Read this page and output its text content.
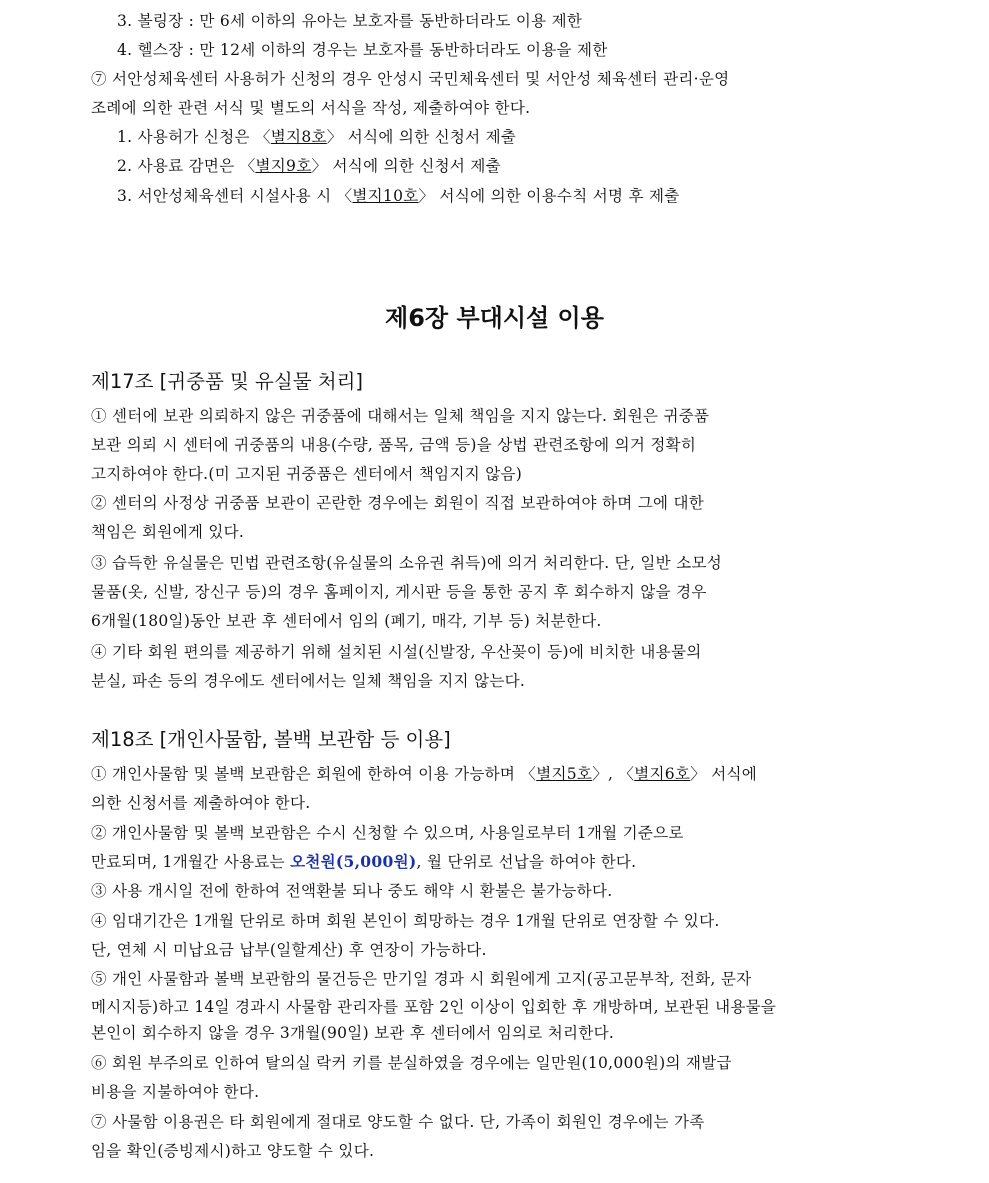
3. 볼링장 : 만 6세 이하의 유아는 보호자를 동반하더라도 이용 제한
4. 헬스장 : 만 12세 이하의 경우는 보호자를 동반하더라도 이용을 제한
⑦ 서안성체육센터 사용허가 신청의 경우 안성시 국민체육센터 및 서안성 체육센터 관리·운영
조례에 의한 관련 서식 및 별도의 서식을 작성, 제출하여야 한다.
1. 사용허가 신청은 〈별지8호〉 서식에 의한 신청서 제출
2. 사용료 감면은 〈별지9호〉 서식에 의한 신청서 제출
3. 서안성체육센터 시설사용 시 〈별지10호〉 서식에 의한 이용수칙 서명 후 제출
제6장 부대시설 이용
제17조 [귀중품 및 유실물 처리]
① 센터에 보관 의뢰하지 않은 귀중품에 대해서는 일체 책임을 지지 않는다. 회원은 귀중품
보관 의뢰 시 센터에 귀중품의 내용(수량, 품목, 금액 등)을 상법 관련조항에 의거 정확히
고지하여야 한다.(미 고지된 귀중품은 센터에서 책임지지 않음)
② 센터의 사정상 귀중품 보관이 곤란한 경우에는 회원이 직접 보관하여야 하며 그에 대한
책임은 회원에게 있다.
③ 습득한 유실물은 민법 관련조항(유실물의 소유권 취득)에 의거 처리한다. 단, 일반 소모성
물품(옷, 신발, 장신구 등)의 경우 홈페이지, 게시판 등을 통한 공지 후 회수하지 않을 경우
6개월(180일)동안 보관 후 센터에서 임의 (폐기, 매각, 기부 등) 처분한다.
④ 기타 회원 편의를 제공하기 위해 설치된 시설(신발장, 우산꽂이 등)에 비치한 내용물의
분실, 파손 등의 경우에도 센터에서는 일체 책임을 지지 않는다.
제18조 [개인사물함, 볼백 보관함 등 이용]
① 개인사물함 및 볼백 보관함은 회원에 한하여 이용 가능하며 〈별지5호〉, 〈별지6호〉 서식에
의한 신청서를 제출하여야 한다.
② 개인사물함 및 볼백 보관함은 수시 신청할 수 있으며, 사용일로부터 1개월 기준으로
만료되며, 1개월간 사용료는 오천원(5,000원), 월 단위로 선납을 하여야 한다.
③ 사용 개시일 전에 한하여 전액환불 되나 중도 해약 시 환불은 불가능하다.
④ 임대기간은 1개월 단위로 하며 회원 본인이 희망하는 경우 1개월 단위로 연장할 수 있다.
단, 연체 시 미납요금 납부(일할계산) 후 연장이 가능하다.
⑤ 개인 사물함과 볼백 보관함의 물건등은 만기일 경과 시 회원에게 고지(공고문부착, 전화, 문자
메시지등)하고 14일 경과시 사물함 관리자를 포함 2인 이상이 입회한 후 개방하며, 보관된 내용물을
본인이 회수하지 않을 경우 3개월(90일) 보관 후 센터에서 임의로 처리한다.
⑥ 회원 부주의로 인하여 탈의실 락커 키를 분실하였을 경우에는 일만원(10,000원)의 재발급
비용을 지불하여야 한다.
⑦ 사물함 이용권은 타 회원에게 절대로 양도할 수 없다. 단, 가족이 회원인 경우에는 가족
임을 확인(증빙제시)하고 양도할 수 있다.
